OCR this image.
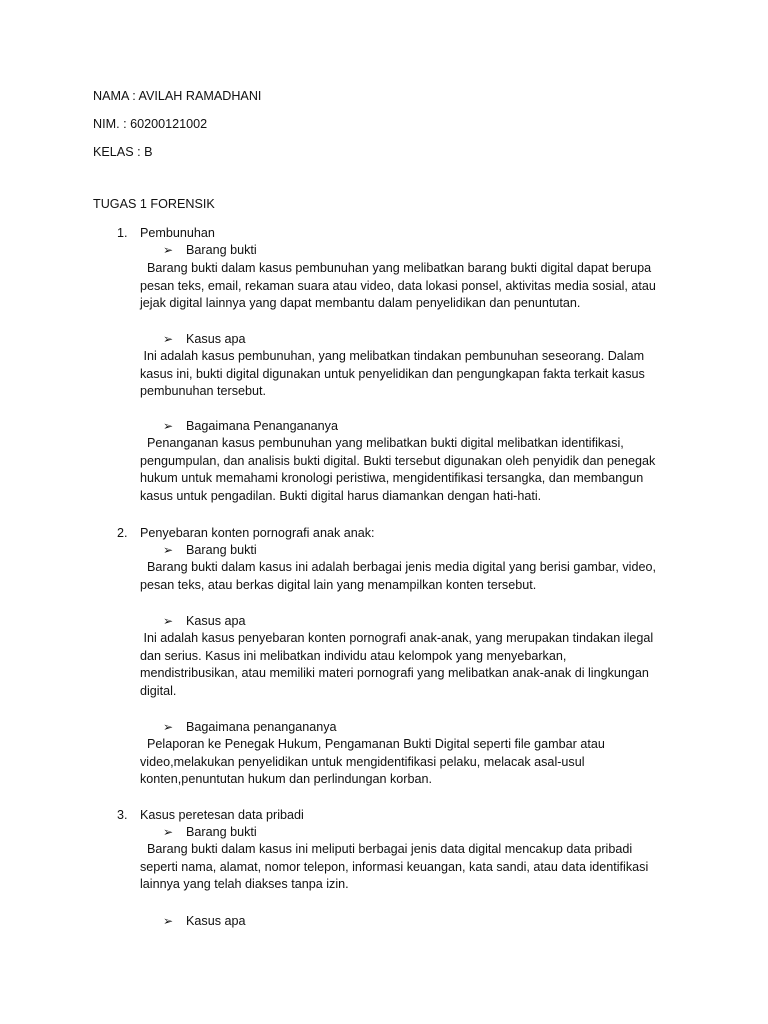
NAMA : AVILAH RAMADHANI
NIM. : 60200121002
KELAS : B
TUGAS 1 FORENSIK
1. Pembunuhan
➢ Barang bukti
Barang bukti dalam kasus pembunuhan yang melibatkan barang bukti digital dapat berupa
pesan teks, email, rekaman suara atau video, data lokasi ponsel, aktivitas media sosial, atau
jejak digital lainnya yang dapat membantu dalam penyelidikan dan penuntutan.
➢ Kasus apa
Ini adalah kasus pembunuhan, yang melibatkan tindakan pembunuhan seseorang. Dalam
kasus ini, bukti digital digunakan untuk penyelidikan dan pengungkapan fakta terkait kasus
pembunuhan tersebut.
➢ Bagaimana Penangananya
Penanganan kasus pembunuhan yang melibatkan bukti digital melibatkan identifikasi,
pengumpulan, dan analisis bukti digital. Bukti tersebut digunakan oleh penyidik dan penegak
hukum untuk memahami kronologi peristiwa, mengidentifikasi tersangka, dan membangun
kasus untuk pengadilan. Bukti digital harus diamankan dengan hati-hati.
2. Penyebaran konten pornografi anak anak:
➢ Barang bukti
Barang bukti dalam kasus ini adalah berbagai jenis media digital yang berisi gambar, video,
pesan teks, atau berkas digital lain yang menampilkan konten tersebut.
➢ Kasus apa
Ini adalah kasus penyebaran konten pornografi anak-anak, yang merupakan tindakan ilegal
dan serius. Kasus ini melibatkan individu atau kelompok yang menyebarkan,
mendistribusikan, atau memiliki materi pornografi yang melibatkan anak-anak di lingkungan
digital.
➢ Bagaimana penangananya
Pelaporan ke Penegak Hukum, Pengamanan Bukti Digital seperti file gambar atau
video,melakukan penyelidikan untuk mengidentifikasi pelaku, melacak asal-usul
konten,penuntutan hukum dan perlindungan korban.
3. Kasus peretesan data pribadi
➢ Barang bukti
Barang bukti dalam kasus ini meliputi berbagai jenis data digital mencakup data pribadi
seperti nama, alamat, nomor telepon, informasi keuangan, kata sandi, atau data identifikasi
lainnya yang telah diakses tanpa izin.
➢ Kasus apa
